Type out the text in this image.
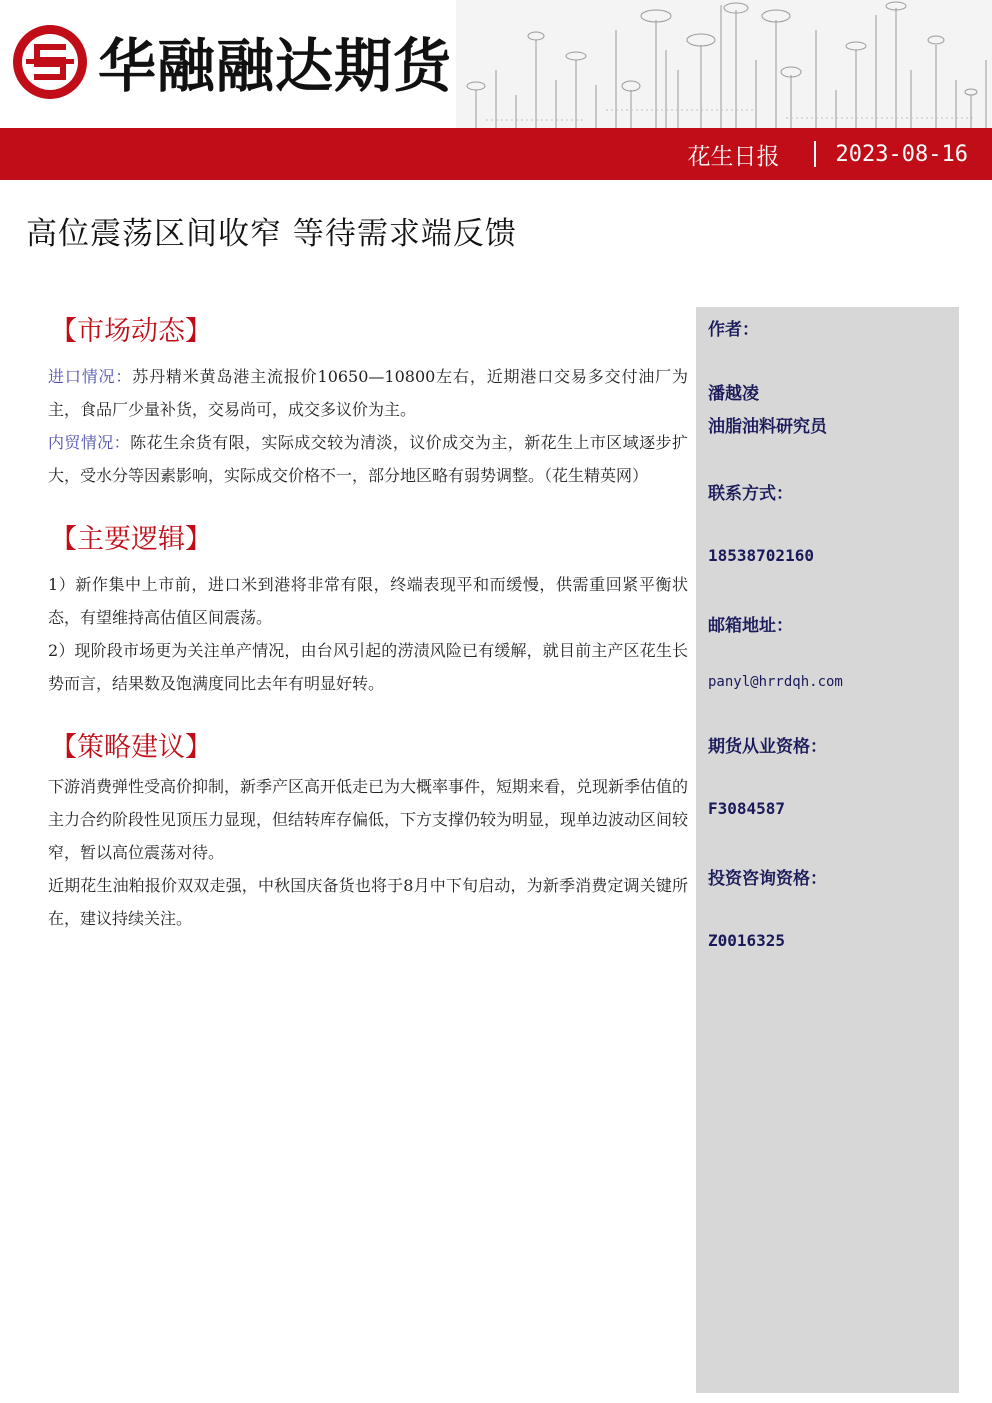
华融融达期货
花生日报	2023-08-16
高位震荡区间收窄 等待需求端反馈
【市场动态】

进口情况：苏丹精米黄岛港主流报价10650—10800左右，近期港口交易多交付油厂为主，食品厂少量补货，交易尚可，成交多议价为主。

内贸情况：陈花生余货有限，实际成交较为清淡，议价成交为主，新花生上市区域逐步扩大，受水分等因素影响，实际成交价格不一，部分地区略有弱势调整。（花生精英网）

【主要逻辑】

1）新作集中上市前，进口米到港将非常有限，终端表现平和而缓慢，供需重回紧平衡状态，有望维持高估值区间震荡。

2）现阶段市场更为关注单产情况，由台风引起的涝渍风险已有缓解，就目前主产区花生长势而言，结果数及饱满度同比去年有明显好转。

【策略建议】

下游消费弹性受高价抑制，新季产区高开低走已为大概率事件，短期来看，兑现新季估值的主力合约阶段性见顶压力显现，但结转库存偏低，下方支撑仍较为明显，现单边波动区间较窄，暂以高位震荡对待。

近期花生油粕报价双双走强，中秋国庆备货也将于8月中下旬启动，为新季消费定调关键所在，建议持续关注。

作者：
潘越凌
油脂油料研究员
联系方式：
18538702160
邮箱地址：
panyl@hrrdqh.com
期货从业资格：
F3084587
投资咨询资格：
Z0016325
